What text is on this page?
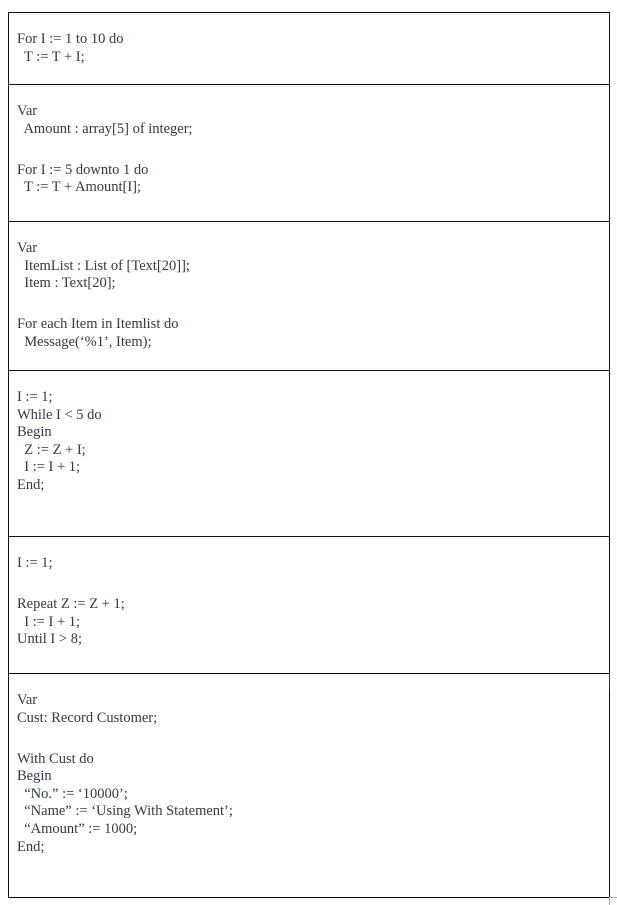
For I := 1 to 10 do
T := T + I;
Var
Amount : array[5] of integer;
For I := 5 downto 1 do
T := T + Amount[I];
Var
ItemList : List of [Text[20]];
Item : Text[20];
For each Item in Itemlist do
Message(‘%1’, Item);
I := 1;
While I < 5 do
Begin
Z := Z + I;
I := I + 1;
End;
I := 1;
Repeat Z := Z + 1;
I := I + 1;
Until I > 8;
Var
Cust: Record Customer;
With Cust do
Begin
“No.” := ‘10000’;
“Name” := ‘Using With Statement’;
“Amount” := 1000;
End;
